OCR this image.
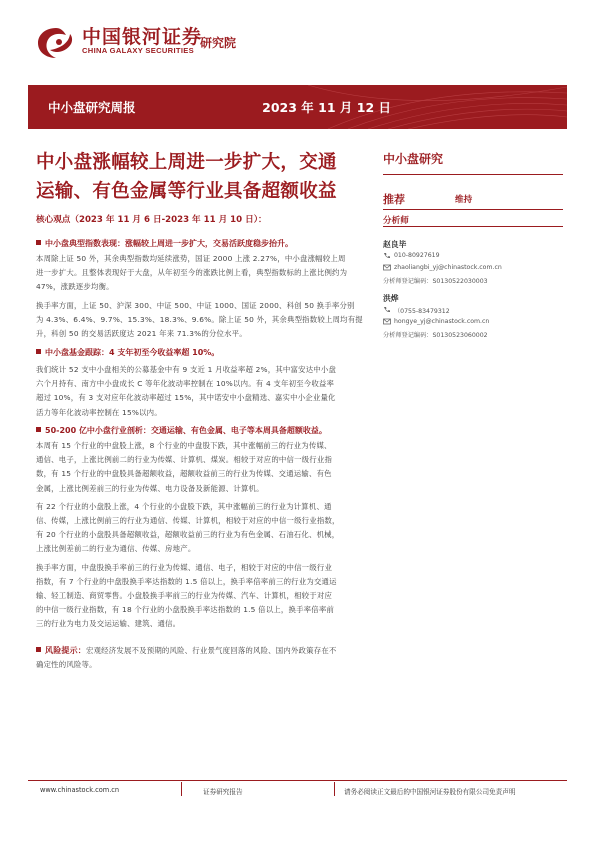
中国银河证券
CHINA GALAXY SECURITIES
研究院
中小盘研究周报	2023 年 11 月 12 日
中小盘涨幅较上周进一步扩大，交通
运输、有色金属等行业具备超额收益
核心观点（2023 年 11 月 6 日-2023 年 11 月 10 日）：
中小盘研究
推荐	维持
分析师
赵良毕
010-80927619
zhaoliangbi_yj@chinastock.com.cn
分析师登记编码：S0130522030003
洪烨
（0755-83479312
hongye_yj@chinastock.com.cn
分析师登记编码：S0130523060002
中小盘典型指数表现：涨幅较上周进一步扩大，交易活跃度稳步抬升。
本周除上证 50 外，其余典型指数均延续涨势，国证 2000 上涨 2.27%，中小盘涨幅较上周
进一步扩大。且整体表现好于大盘，从年初至今的涨跌比例上看，典型指数标的上涨比例约为
47%，涨跌逐步均衡。
换手率方面，上证 50、沪深 300、中证 500、中证 1000、国证 2000、科创 50 换手率分别
为 4.3%、6.4%、9.7%、15.3%、18.3%、9.6%。除上证 50 外，其余典型指数较上周均有提
升，科创 50 的交易活跃度达 2021 年来 71.3%的分位水平。
中小盘基金跟踪：4 支年初至今收益率超 10%。
我们统计 52 支中小盘相关的公募基金中有 9 支近 1 月收益率超 2%，其中富安达中小盘
六个月持有、南方中小盘成长 C 等年化波动率控制在 10%以内。有 4 支年初至今收益率
超过 10%，有 3 支对应年化波动率超过 15%，其中诺安中小盘精选、嘉实中小企业量化
活力等年化波动率控制在 15%以内。
50-200 亿中小盘行业剖析：交通运输、有色金属、电子等本周具备超额收益。
本周有 15 个行业的中盘股上涨，8 个行业的中盘股下跌，其中涨幅前三的行业为传媒、
通信、电子，上涨比例前二的行业为传媒、计算机、煤炭。相较于对应的中信一级行业指
数，有 15 个行业的中盘股具备超额收益，超额收益前三的行业为传媒、交通运输、有色
金属，上涨比例差前三的行业为传媒、电力设备及新能源、计算机。
有 22 个行业的小盘股上涨，4 个行业的小盘股下跌，其中涨幅前三的行业为计算机、通
信、传媒，上涨比例前三的行业为通信、传媒、计算机，相较于对应的中信一级行业指数，
有 20 个行业的小盘股具备超额收益，超额收益前三的行业为有色金属、石油石化、机械，
上涨比例差前二的行业为通信、传媒、房地产。
换手率方面，中盘股换手率前三的行业为传媒、通信、电子，相较于对应的中信一级行业
指数，有 7 个行业的中盘股换手率达指数的 1.5 倍以上，换手率倍率前三的行业为交通运
输、轻工制造、商贸零售。小盘股换手率前三的行业为传媒、汽车、计算机，相较于对应
的中信一级行业指数，有 18 个行业的小盘股换手率达指数的 1.5 倍以上，换手率倍率前
三的行业为电力及交运运输、建筑、通信。
风险提示：宏观经济发展不及预期的风险、行业景气度回落的风险、国内外政策存在不
确定性的风险等。
www.chinastock.com.cn	证券研究报告	请务必阅读正文最后的中国银河证券股份有限公司免责声明
